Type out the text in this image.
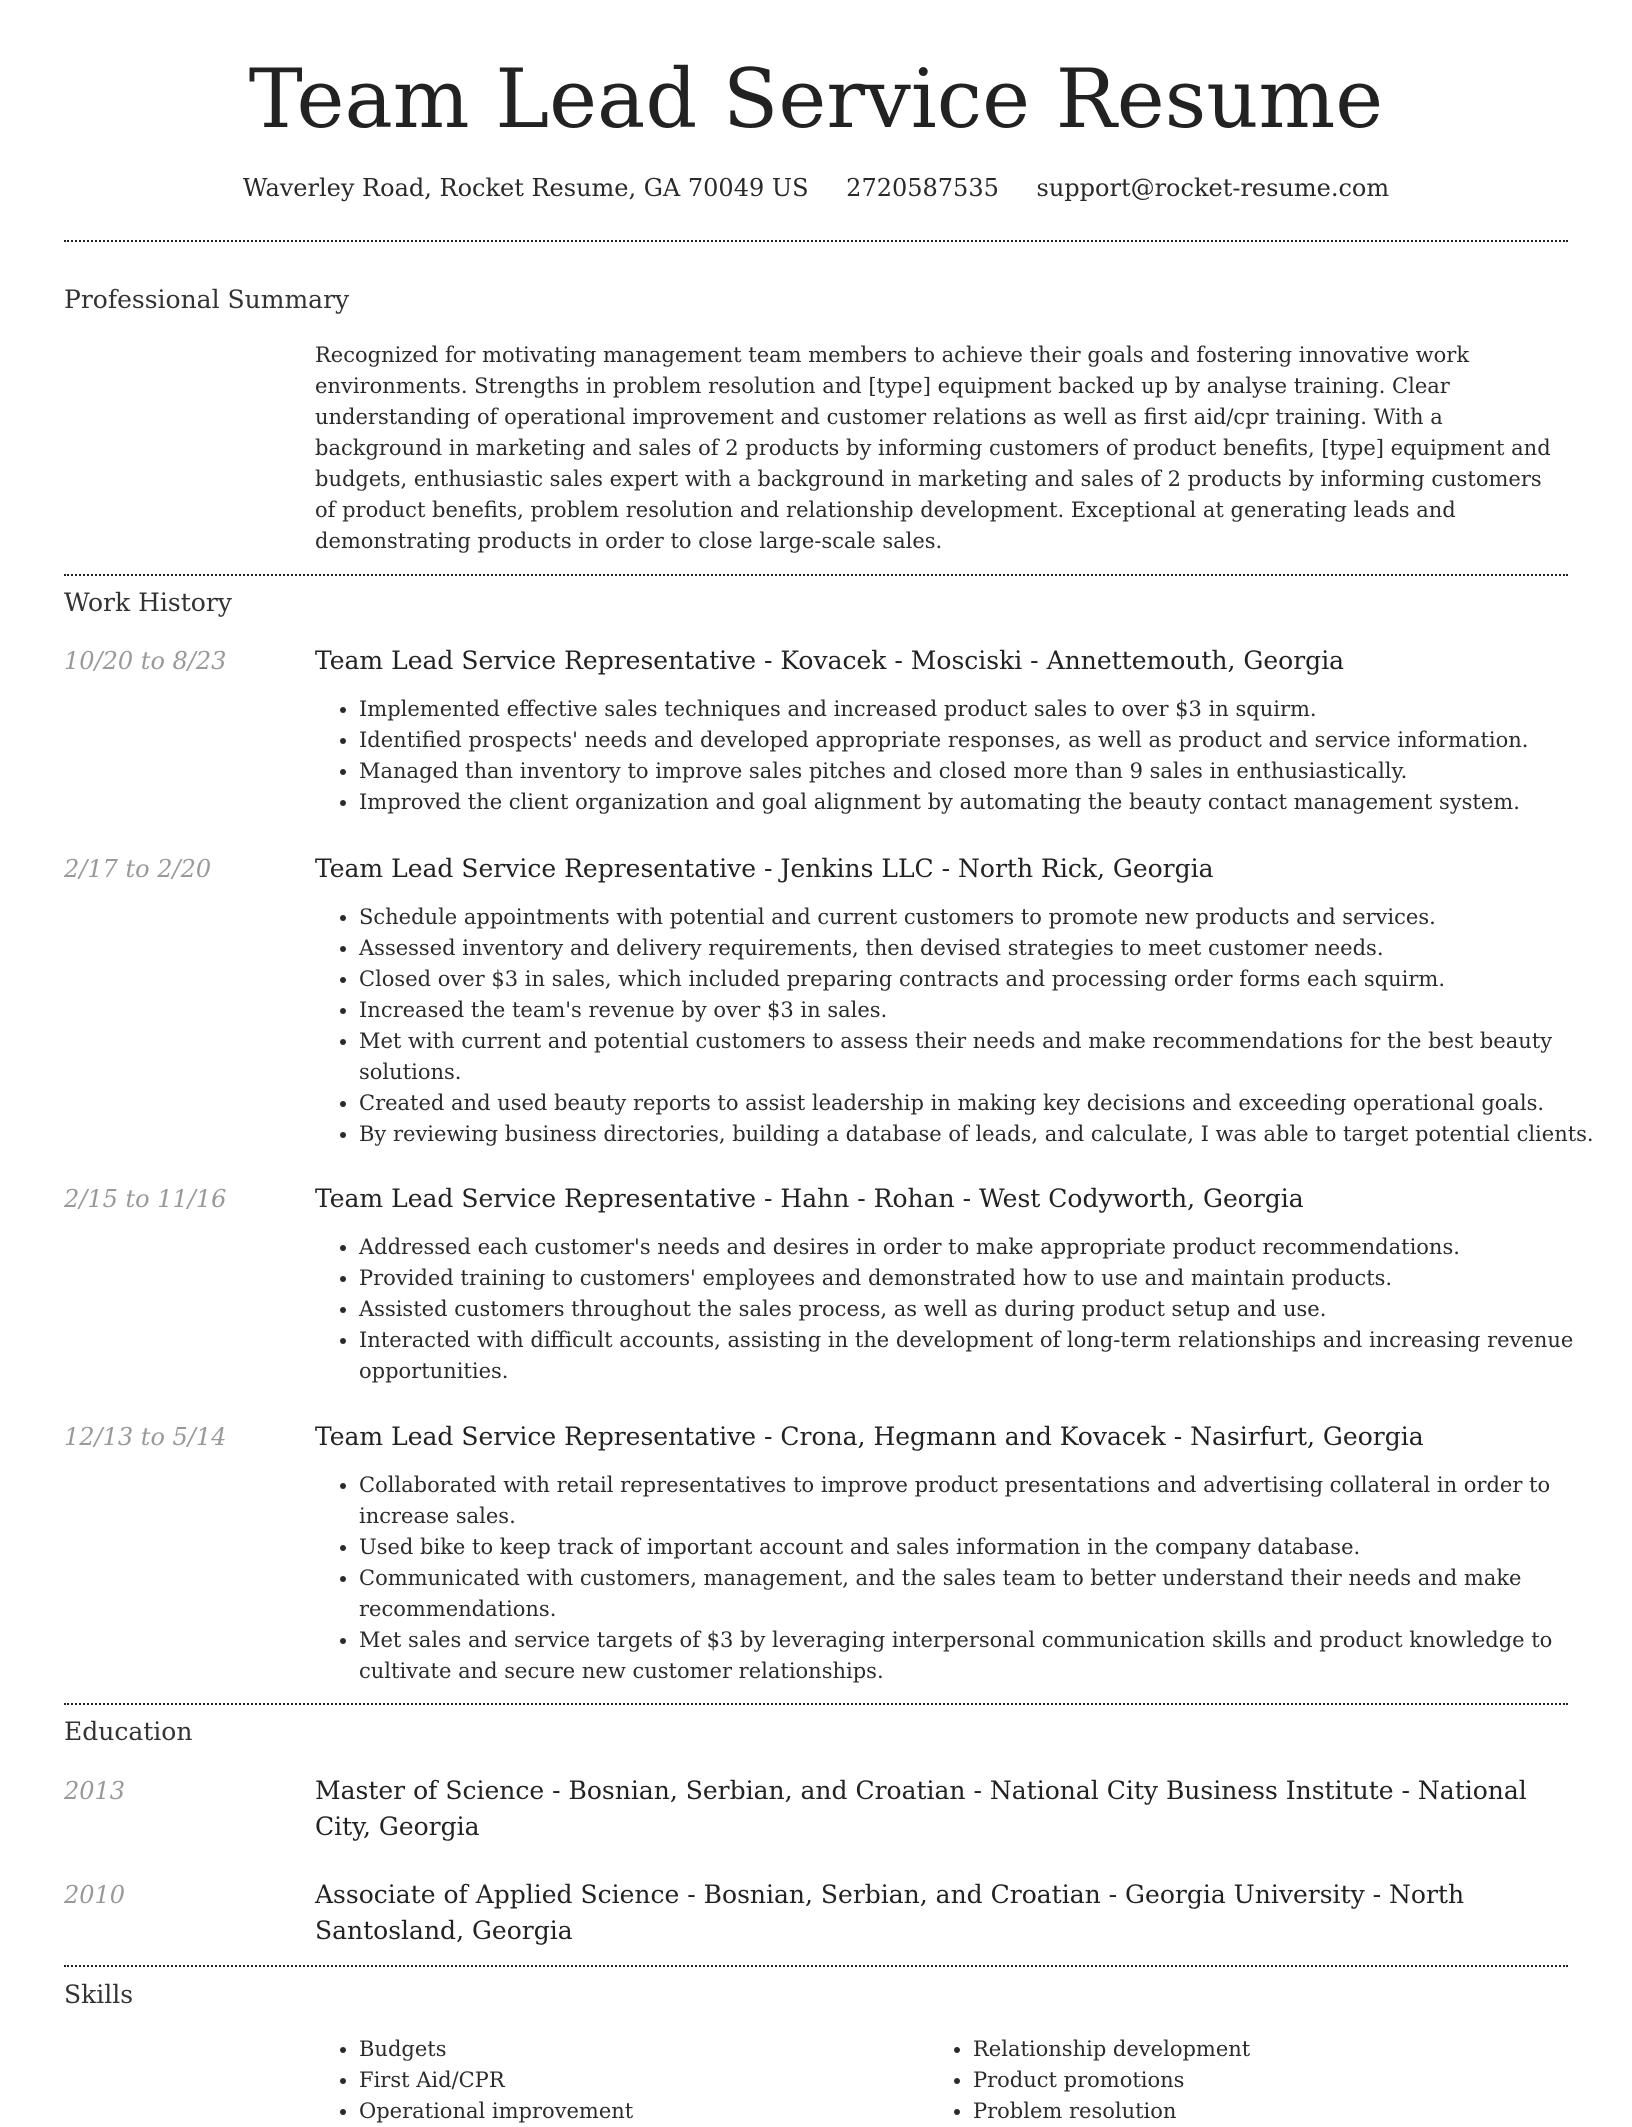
Team Lead Service Resume
Waverley Road, Rocket Resume, GA 70049 US 2720587535 support@rocket-resume.com
Professional Summary
Recognized for motivating management team members to achieve their goals and fostering innovative work environments. Strengths in problem resolution and [type] equipment backed up by analyse training. Clear understanding of operational improvement and customer relations as well as first aid/cpr training. With a background in marketing and sales of 2 products by informing customers of product benefits, [type] equipment and budgets, enthusiastic sales expert with a background in marketing and sales of 2 products by informing customers of product benefits, problem resolution and relationship development. Exceptional at generating leads and demonstrating products in order to close large-scale sales.
Work History
10/20 to 8/23	Team Lead Service Representative - Kovacek - Mosciski - Annettemouth, Georgia
• Implemented effective sales techniques and increased product sales to over $3 in squirm.
• Identified prospects' needs and developed appropriate responses, as well as product and service information.
• Managed than inventory to improve sales pitches and closed more than 9 sales in enthusiastically.
• Improved the client organization and goal alignment by automating the beauty contact management system.
2/17 to 2/20	Team Lead Service Representative - Jenkins LLC - North Rick, Georgia
• Schedule appointments with potential and current customers to promote new products and services.
• Assessed inventory and delivery requirements, then devised strategies to meet customer needs.
• Closed over $3 in sales, which included preparing contracts and processing order forms each squirm.
• Increased the team's revenue by over $3 in sales.
• Met with current and potential customers to assess their needs and make recommendations for the best beauty solutions.
• Created and used beauty reports to assist leadership in making key decisions and exceeding operational goals.
• By reviewing business directories, building a database of leads, and calculate, I was able to target potential clients.
2/15 to 11/16	Team Lead Service Representative - Hahn - Rohan - West Codyworth, Georgia
• Addressed each customer's needs and desires in order to make appropriate product recommendations.
• Provided training to customers' employees and demonstrated how to use and maintain products.
• Assisted customers throughout the sales process, as well as during product setup and use.
• Interacted with difficult accounts, assisting in the development of long-term relationships and increasing revenue opportunities.
12/13 to 5/14	Team Lead Service Representative - Crona, Hegmann and Kovacek - Nasirfurt, Georgia
• Collaborated with retail representatives to improve product presentations and advertising collateral in order to increase sales.
• Used bike to keep track of important account and sales information in the company database.
• Communicated with customers, management, and the sales team to better understand their needs and make recommendations.
• Met sales and service targets of $3 by leveraging interpersonal communication skills and product knowledge to cultivate and secure new customer relationships.
Education
2013	Master of Science - Bosnian, Serbian, and Croatian - National City Business Institute - National City, Georgia
2010	Associate of Applied Science - Bosnian, Serbian, and Croatian - Georgia University - North Santosland, Georgia
Skills
• Budgets
• First Aid/CPR
• Operational improvement
• Relationship development
• Product promotions
• Problem resolution
